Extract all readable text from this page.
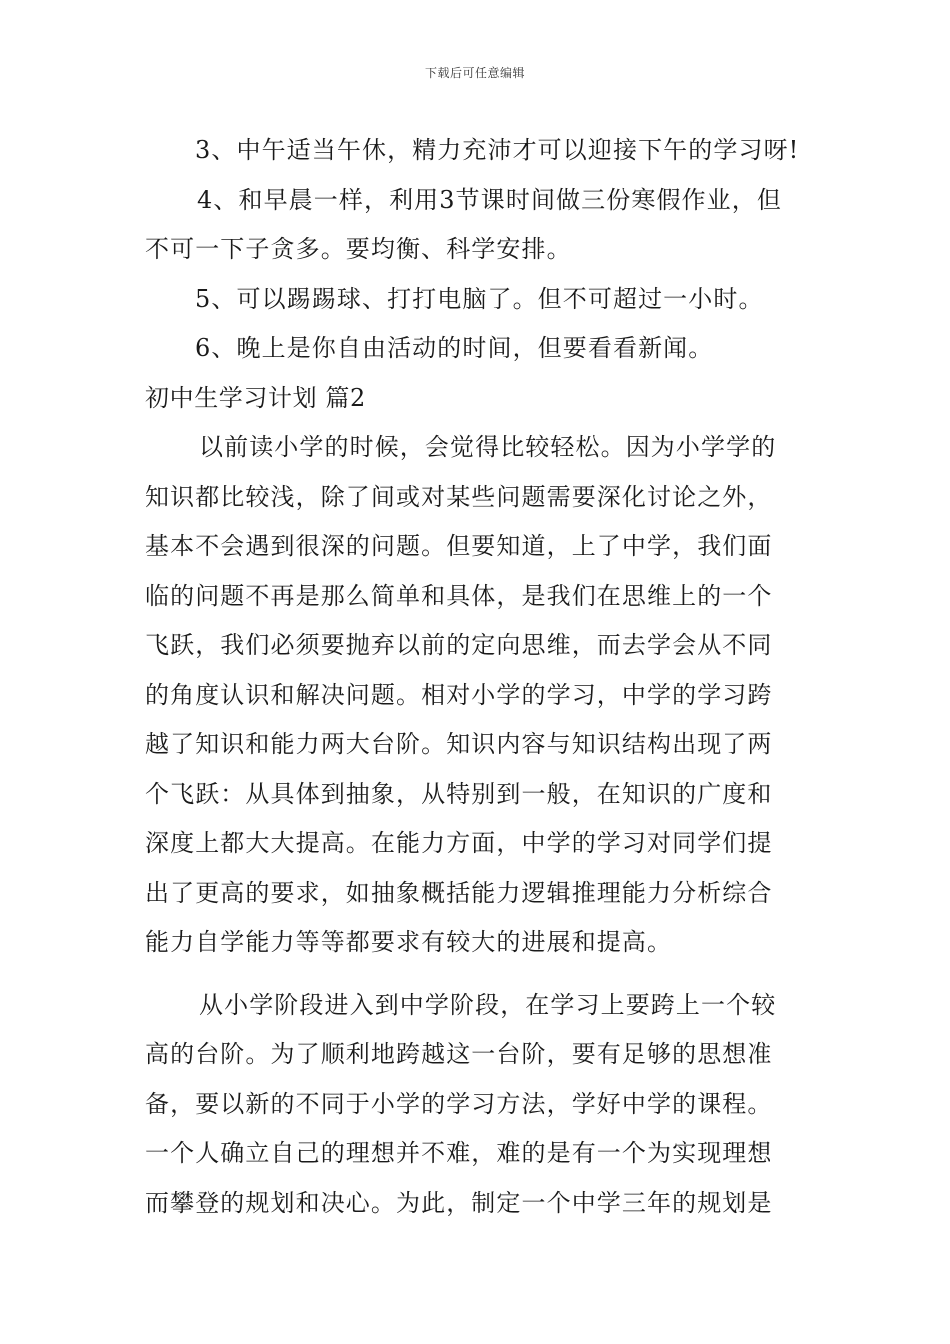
下载后可任意编辑
3、中午适当午休，精力充沛才可以迎接下午的学习呀!
4、和早晨一样，利用3节课时间做三份寒假作业，但
不可一下子贪多。要均衡、科学安排。
5、可以踢踢球、打打电脑了。但不可超过一小时。
6、晚上是你自由活动的时间，但要看看新闻。
初中生学习计划 篇2
以前读小学的时候，会觉得比较轻松。因为小学学的
知识都比较浅，除了间或对某些问题需要深化讨论之外，
基本不会遇到很深的问题。但要知道，上了中学，我们面
临的问题不再是那么简单和具体，是我们在思维上的一个
飞跃，我们必须要抛弃以前的定向思维，而去学会从不同
的角度认识和解决问题。相对小学的学习，中学的学习跨
越了知识和能力两大台阶。知识内容与知识结构出现了两
个飞跃：从具体到抽象，从特别到一般，在知识的广度和
深度上都大大提高。在能力方面，中学的学习对同学们提
出了更高的要求，如抽象概括能力逻辑推理能力分析综合
能力自学能力等等都要求有较大的进展和提高。
从小学阶段进入到中学阶段，在学习上要跨上一个较
高的台阶。为了顺利地跨越这一台阶，要有足够的思想准
备，要以新的不同于小学的学习方法，学好中学的课程。
一个人确立自己的理想并不难，难的是有一个为实现理想
而攀登的规划和决心。为此，制定一个中学三年的规划是
